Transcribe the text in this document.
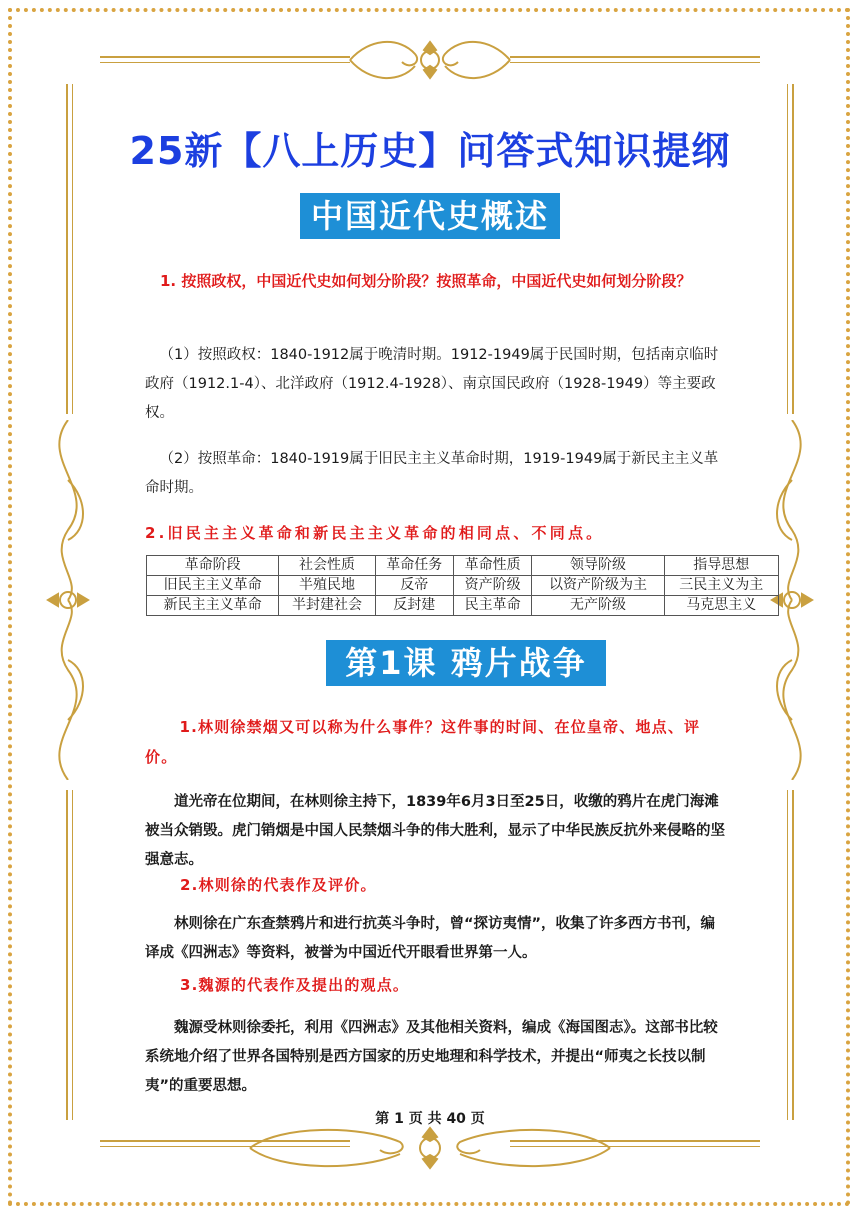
25新【八上历史】问答式知识提纲
中国近代史概述
1. 按照政权，中国近代史如何划分阶段？按照革命，中国近代史如何划分阶段？
（1）按照政权：1840-1912属于晚清时期。1912-1949属于民国时期，包括南京临时政府（1912.1-4）、北洋政府（1912.4-1928）、南京国民政府（1928-1949）等主要政权。
（2）按照革命：1840-1919属于旧民主主义革命时期，1919-1949属于新民主主义革命时期。
2.旧民主主义革命和新民主主义革命的相同点、不同点。
革命阶段	社会性质	革命任务	革命性质	领导阶级	指导思想
旧民主主义革命	半殖民地	反帝	资产阶级	以资产阶级为主	三民主义为主
新民主主义革命	半封建社会	反封建	民主革命	无产阶级	马克思主义
第1课 鸦片战争
1.林则徐禁烟又可以称为什么事件？这件事的时间、在位皇帝、地点、评价。
道光帝在位期间，在林则徐主持下，1839年6月3日至25日，收缴的鸦片在虎门海滩被当众销毁。虎门销烟是中国人民禁烟斗争的伟大胜利，显示了中华民族反抗外来侵略的坚强意志。
2.林则徐的代表作及评价。
林则徐在广东查禁鸦片和进行抗英斗争时，曾“探访夷情”，收集了许多西方书刊，编译成《四洲志》等资料，被誉为中国近代开眼看世界第一人。
3.魏源的代表作及提出的观点。
魏源受林则徐委托，利用《四洲志》及其他相关资料，编成《海国图志》。这部书比较系统地介绍了世界各国特别是西方国家的历史地理和科学技术，并提出“师夷之长技以制夷”的重要思想。
第 1 页 共 40 页
